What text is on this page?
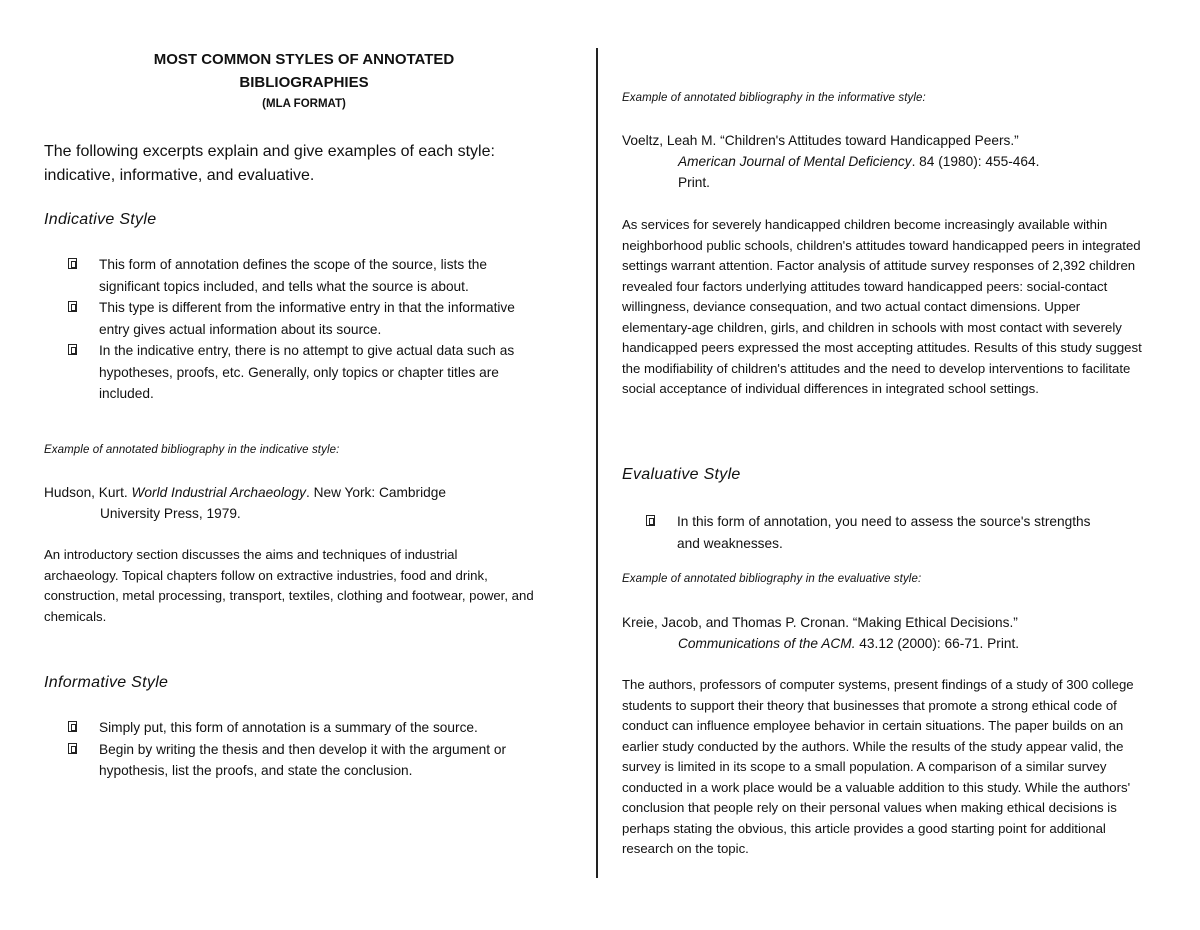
MOST COMMON STYLES OF ANNOTATED
BIBLIOGRAPHIES
(MLA FORMAT)
The following excerpts explain and give examples of each style: indicative, informative, and evaluative.
Indicative Style
This form of annotation defines the scope of the source, lists the significant topics included, and tells what the source is about.
This type is different from the informative entry in that the informative entry gives actual information about its source.
In the indicative entry, there is no attempt to give actual data such as hypotheses, proofs, etc. Generally, only topics or chapter titles are included.
Example of annotated bibliography in the indicative style:
Hudson, Kurt. World Industrial Archaeology. New York: Cambridge
University Press, 1979.
An introductory section discusses the aims and techniques of industrial archaeology. Topical chapters follow on extractive industries, food and drink, construction, metal processing, transport, textiles, clothing and footwear, power, and chemicals.
Informative Style
Simply put, this form of annotation is a summary of the source.
Begin by writing the thesis and then develop it with the argument or hypothesis, list the proofs, and state the conclusion.
Example of annotated bibliography in the informative style:
Voeltz, Leah M. “Children's Attitudes toward Handicapped Peers.”
American Journal of Mental Deficiency. 84 (1980): 455-464.
Print.
As services for severely handicapped children become increasingly available within neighborhood public schools, children's attitudes toward handicapped peers in integrated settings warrant attention. Factor analysis of attitude survey responses of 2,392 children revealed four factors underlying attitudes toward handicapped peers: social-contact willingness, deviance consequation, and two actual contact dimensions. Upper elementary-age children, girls, and children in schools with most contact with severely handicapped peers expressed the most accepting attitudes. Results of this study suggest the modifiability of children's attitudes and the need to develop interventions to facilitate social acceptance of individual differences in integrated school settings.
Evaluative Style
In this form of annotation, you need to assess the source's strengths and weaknesses.
Example of annotated bibliography in the evaluative style:
Kreie, Jacob, and Thomas P. Cronan. “Making Ethical Decisions.”
Communications of the ACM. 43.12 (2000): 66-71. Print.
The authors, professors of computer systems, present findings of a study of 300 college students to support their theory that businesses that promote a strong ethical code of conduct can influence employee behavior in certain situations. The paper builds on an earlier study conducted by the authors. While the results of the study appear valid, the survey is limited in its scope to a small population. A comparison of a similar survey conducted in a work place would be a valuable addition to this study. While the authors' conclusion that people rely on their personal values when making ethical decisions is perhaps stating the obvious, this article provides a good starting point for additional research on the topic.
